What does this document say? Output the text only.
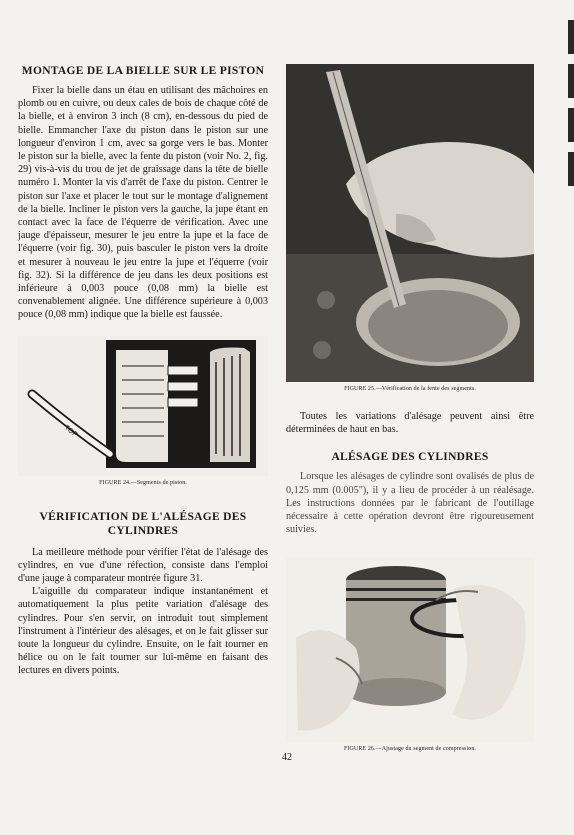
MONTAGE DE LA BIELLE SUR LE PISTON

Fixer la bielle dans un étau en utilisant des mâchoires en plomb ou en cuivre, ou deux cales de bois de chaque côté de la bielle, et à environ 3 inch (8 cm), en-dessous du pied de bielle. Emmancher l'axe du piston dans le piston sur une longueur d'environ 1 cm, avec sa gorge vers le bas. Monter le piston sur la bielle, avec la fente du piston (voir No. 2, fig. 29) vis-à-vis du trou de jet de graissage dans la tête de bielle numéro 1. Monter la vis d'arrêt de l'axe du piston. Centrer le piston sur l'axe et placer le tout sur le montage d'alignement de la bielle. Incliner le piston vers la gauche, la jupe étant en contact avec la face de l'équerre de vérification. Avec une jauge d'épaisseur, mesurer le jeu entre la jupe et la face de l'équerre (voir fig. 30), puis basculer le piston vers la droite et mesurer à nouveau le jeu entre la jupe et l'équerre (voir fig. 32). Si la différence de jeu dans les deux positions est inférieure à 0,003 pouce (0,08 mm) la bielle est convenablement alignée. Une différence supérieure à 0,003 pouce (0,08 mm) indique que la bielle est faussée.

TOP
FIGURE 24.—Segments de piston.
VÉRIFICATION DE L'ALÉSAGE DES CYLINDRES

La meilleure méthode pour vérifier l'état de l'alésage des cylindres, en vue d'une réfection, consiste dans l'emploi d'une jauge à comparateur montrée figure 31.

L'aiguille du comparateur indique instantanément et automatiquement la plus petite variation d'alésage des cylindres. Pour s'en servir, on introduit tout simplement l'instrument à l'intérieur des alésages, et on le fait glisser sur toute la longueur du cylindre. Ensuite, on le fait tourner en hélice ou on le fait tourner sur lui-même en faisant des lectures en divers points.

FIGURE 25.—Vérification de la fente des segments.

Toutes les variations d'alésage peuvent ainsi être déterminées de haut en bas.

ALÉSAGE DES CYLINDRES

Lorsque les alésages de cylindre sont ovalisés de plus de 0,125 mm (0.005"), il y a lieu de procéder à un réalésage. Les instructions données par le fabricant de l'outillage nécessaire à cette opération devront être rigoureusement suivies.

FIGURE 26.—Ajustage du segment de compression.
42
